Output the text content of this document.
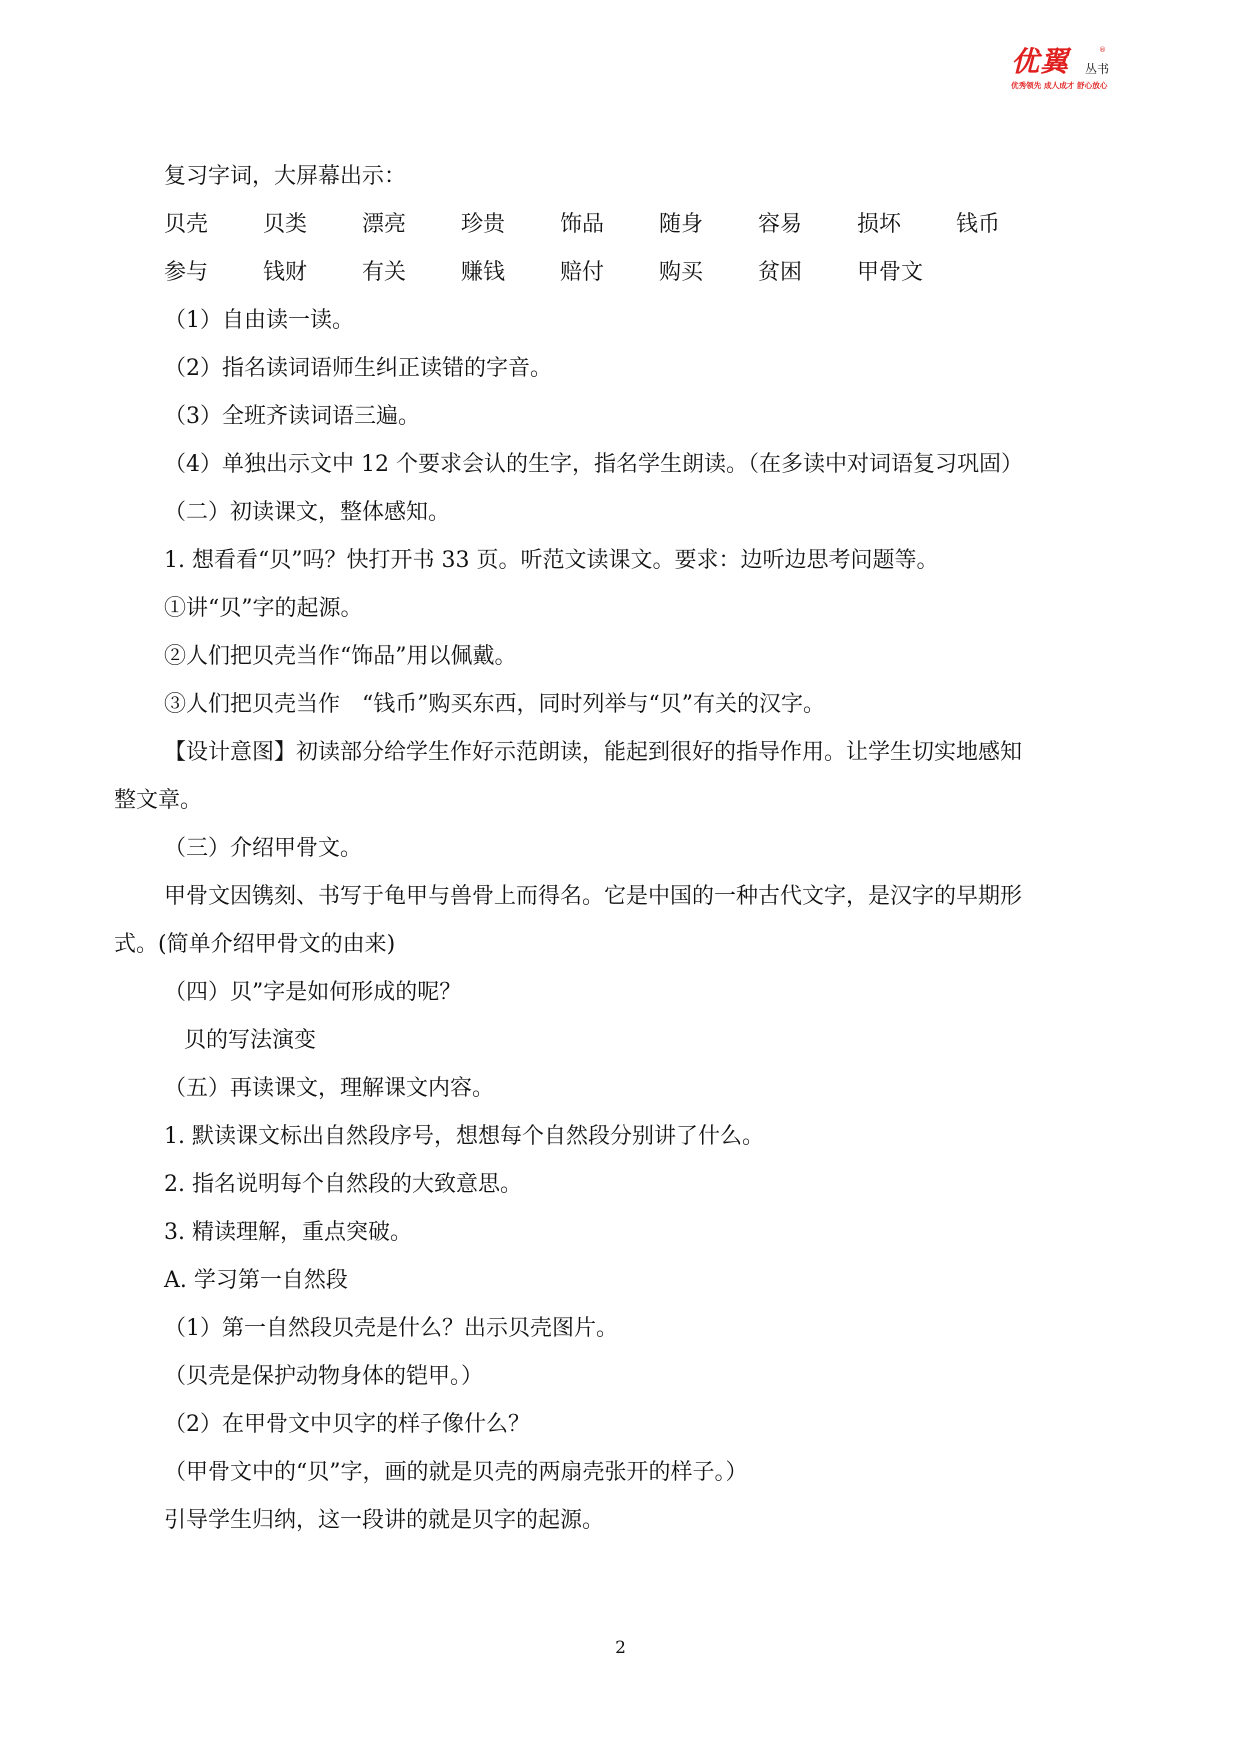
优翼	®
丛书
优秀领先 成人成才 舒心放心
复习字词，大屏幕出示：
贝壳 贝类 漂亮 珍贵 饰品 随身 容易 损坏 钱币
参与 钱财 有关 赚钱 赔付 购买 贫困 甲骨文
（1）自由读一读。
（2）指名读词语师生纠正读错的字音。
（3）全班齐读词语三遍。
（4）单独出示文中 12 个要求会认的生字，指名学生朗读。（在多读中对词语复习巩固）
（二）初读课文，整体感知。
1. 想看看“贝”吗？快打开书 33 页。听范文读课文。要求：边听边思考问题等。
①讲“贝”字的起源。
②人们把贝壳当作“饰品”用以佩戴。
③人们把贝壳当作　“钱币”购买东西，同时列举与“贝”有关的汉字。
【设计意图】初读部分给学生作好示范朗读，能起到很好的指导作用。让学生切实地感知
整文章。
（三）介绍甲骨文。
甲骨文因镌刻、书写于龟甲与兽骨上而得名。它是中国的一种古代文字，是汉字的早期形
式。(简单介绍甲骨文的由来)
（四）贝”字是如何形成的呢？
贝的写法演变
（五）再读课文，理解课文内容。
1. 默读课文标出自然段序号，想想每个自然段分别讲了什么。
2. 指名说明每个自然段的大致意思。
3. 精读理解，重点突破。
A. 学习第一自然段
（1）第一自然段贝壳是什么？出示贝壳图片。
（贝壳是保护动物身体的铠甲。）
（2）在甲骨文中贝字的样子像什么？
（甲骨文中的“贝”字，画的就是贝壳的两扇壳张开的样子。）
引导学生归纳，这一段讲的就是贝字的起源。
2
